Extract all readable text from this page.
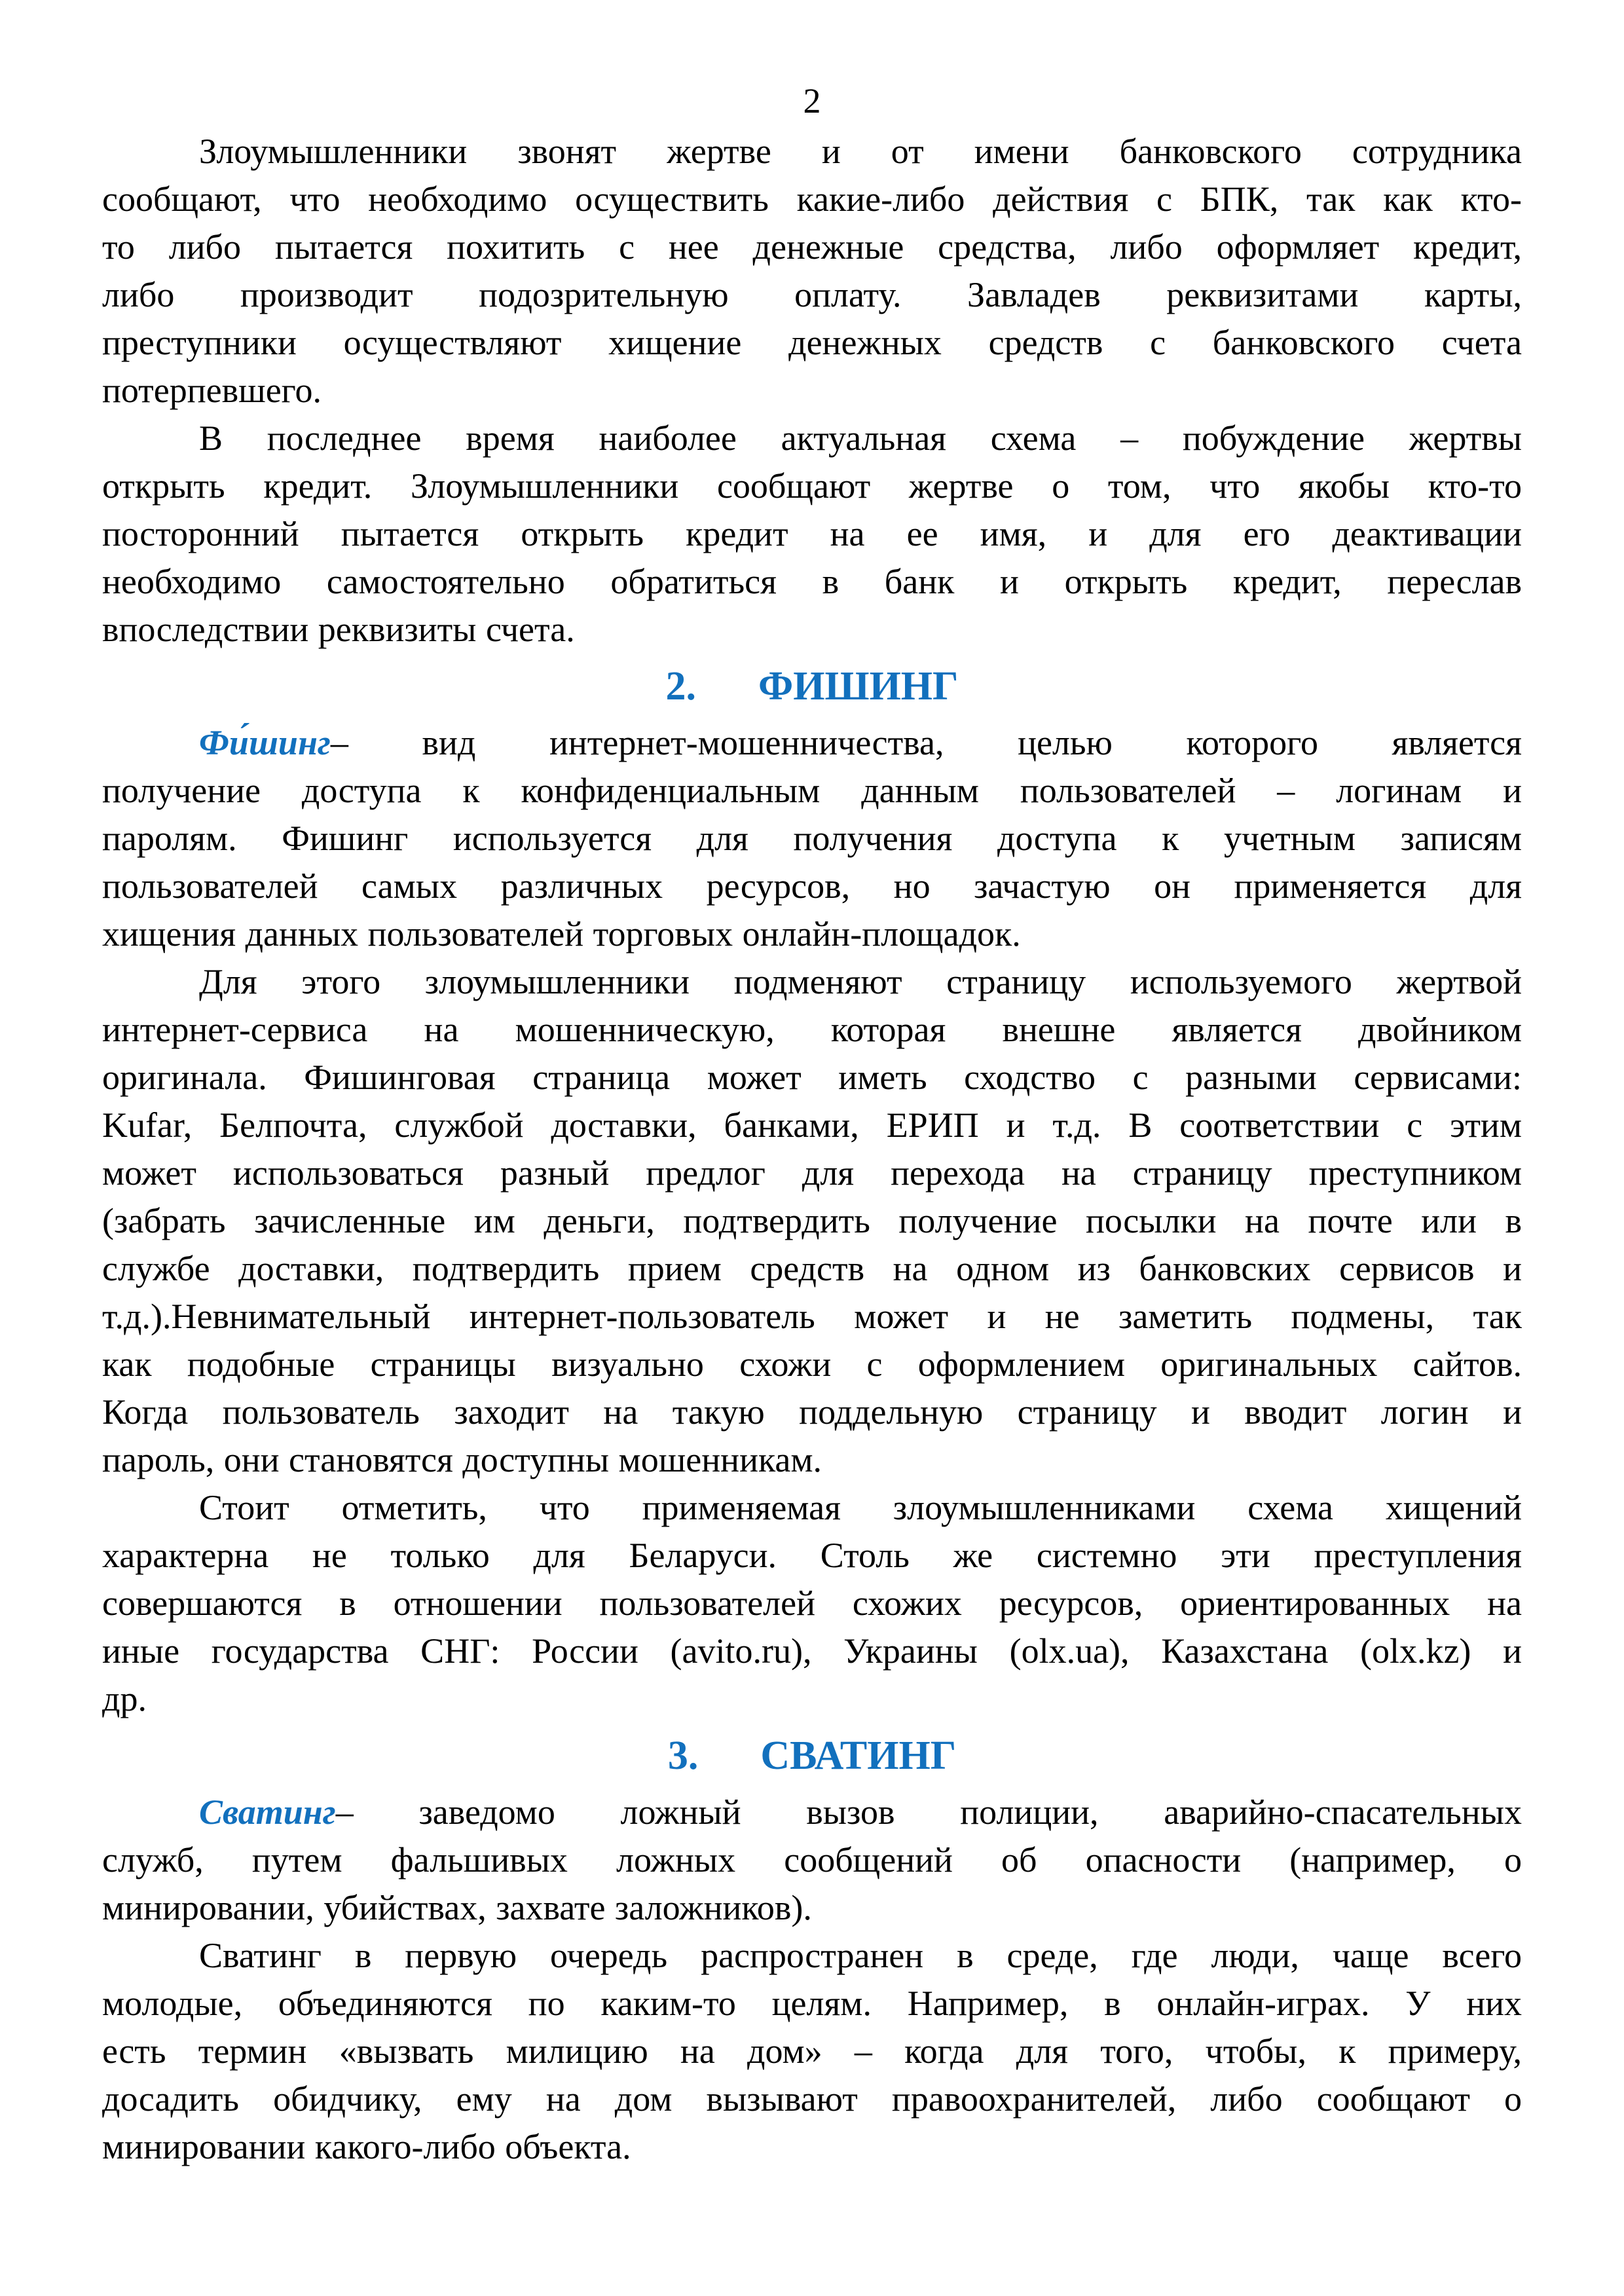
2
Злоумышленники звонят жертве и от имени банковского сотрудника
сообщают, что необходимо осуществить какие-либо действия с БПК, так как кто-
то либо пытается похитить с нее денежные средства, либо оформляет кредит,
либо производит подозрительную оплату. Завладев реквизитами карты,
преступники осуществляют хищение денежных средств с банковского счета
потерпевшего.
В последнее время наиболее актуальная схема – побуждение жертвы
открыть кредит. Злоумышленники сообщают жертве о том, что якобы кто-то
посторонний пытается открыть кредит на ее имя, и для его деактивации
необходимо самостоятельно обратиться в банк и открыть кредит, переслав
впоследствии реквизиты счета.
2. ФИШИНГ
Фи́шинг– вид интернет-мошенничества, целью которого является
получение доступа к конфиденциальным данным пользователей – логинам и
паролям. Фишинг используется для получения доступа к учетным записям
пользователей самых различных ресурсов, но зачастую он применяется для
хищения данных пользователей торговых онлайн-площадок.
Для этого злоумышленники подменяют страницу используемого жертвой
интернет-сервиса на мошенническую, которая внешне является двойником
оригинала. Фишинговая страница может иметь сходство с разными сервисами:
Kufar, Белпочта, службой доставки, банками, ЕРИП и т.д. В соответствии с этим
может использоваться разный предлог для перехода на страницу преступником
(забрать зачисленные им деньги, подтвердить получение посылки на почте или в
службе доставки, подтвердить прием средств на одном из банковских сервисов и
т.д.).Невнимательный интернет-пользователь может и не заметить подмены, так
как подобные страницы визуально схожи с оформлением оригинальных сайтов.
Когда пользователь заходит на такую поддельную страницу и вводит логин и
пароль, они становятся доступны мошенникам.
Стоит отметить, что применяемая злоумышленниками схема хищений
характерна не только для Беларуси. Столь же системно эти преступления
совершаются в отношении пользователей схожих ресурсов, ориентированных на
иные государства СНГ: России (avito.ru), Украины (olx.ua), Казахстана (olx.kz) и
др.
3. СВАТИНГ
Сватинг– заведомо ложный вызов полиции, аварийно-спасательных
служб, путем фальшивых ложных сообщений об опасности (например, о
минировании, убийствах, захвате заложников).
Сватинг в первую очередь распространен в среде, где люди, чаще всего
молодые, объединяются по каким-то целям. Например, в онлайн-играх. У них
есть термин «вызвать милицию на дом» – когда для того, чтобы, к примеру,
досадить обидчику, ему на дом вызывают правоохранителей, либо сообщают о
минировании какого-либо объекта.
